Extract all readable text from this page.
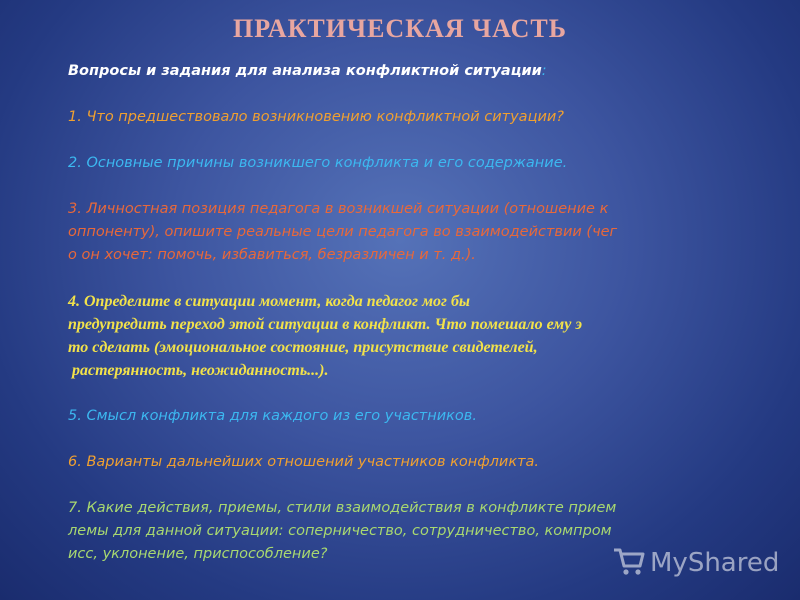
ПРАКТИЧЕСКАЯ ЧАСТЬ

Вопросы и задания для анализа конфликтной ситуации:

1. Что предшествовало возникновению конфликтной ситуации?

2. Основные причины возникшего конфликта и его содержание.

3. Личностная позиция педагога в возникшей ситуации (отношение к

оппоненту), опишите реальные цели педагога во взаимодействии (чег

о он хочет: помочь, избавиться, безразличен и т. д.).

4. Определите в ситуации момент, когда педагог мог бы

предупредить переход этой ситуации в конфликт. Что помешало ему э

то сделать (эмоциональное состояние, присутствие свидетелей,

растерянность, неожиданность...).

5. Смысл конфликта для каждого из его участников.

6. Варианты дальнейших отношений участников конфликта.

7. Какие действия, приемы, стили взаимодействия в конфликте прием

лемы для данной ситуации: соперничество, сотрудничество, компром

исс, уклонение, приспособление?	MyShared
